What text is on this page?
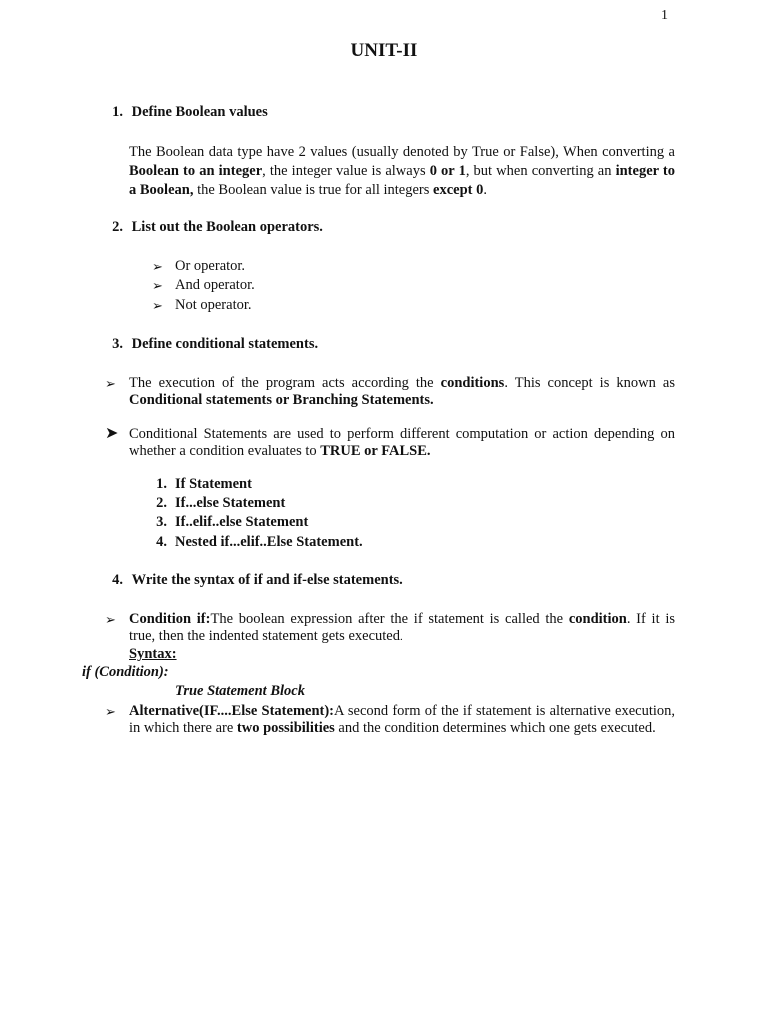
1
UNIT-II
1. Define Boolean values
The Boolean data type have 2 values (usually denoted by True or False), When converting a Boolean to an integer, the integer value is always 0 or 1, but when converting an integer to a Boolean, the Boolean value is true for all integers except 0.
2. List out the Boolean operators.
➢ Or operator.
➢ And operator.
➢ Not operator.
3. Define conditional statements.
➢ The execution of the program acts according the conditions. This concept is known as Conditional statements or Branching Statements.
➤ Conditional Statements are used to perform different computation or action depending on whether a condition evaluates to TRUE or FALSE.
1. If Statement
2. If...else Statement
3. If..elif..else Statement
4. Nested if...elif..Else Statement.
4. Write the syntax of if and if-else statements.
➢ Condition if:The boolean expression after the if statement is called the condition. If it is true, then the indented statement gets executed.
Syntax:
if (Condition):
True Statement Block
➢ Alternative(IF....Else Statement):A second form of the if statement is alternative execution, in which there are two possibilities and the condition determines which one gets executed.
